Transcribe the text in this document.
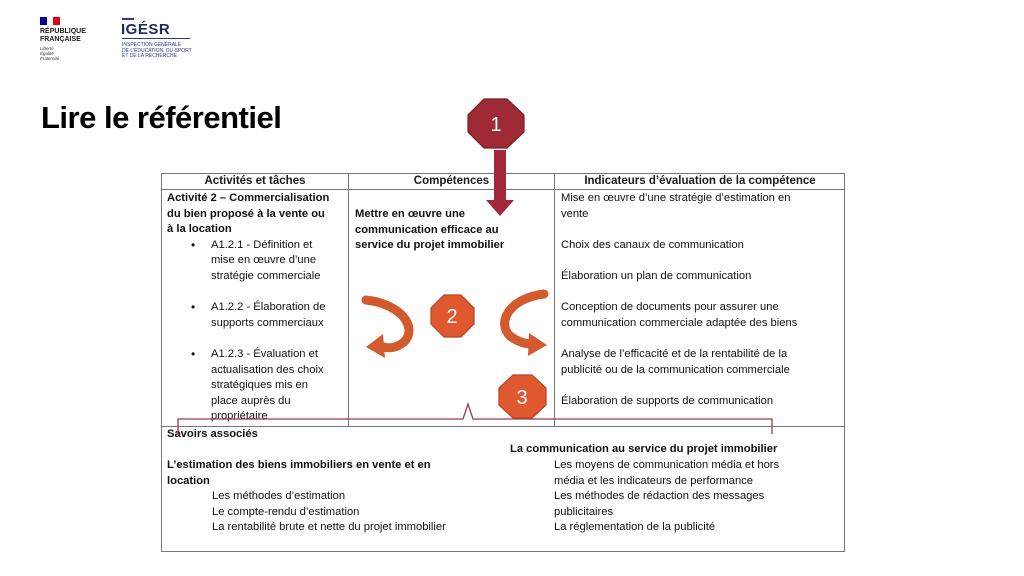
RÉPUBLIQUE
FRANÇAISE
Liberté
Égalité
Fraternité
IGÉSR
INSPECTION GÉNÉRALE
DE L'ÉDUCATION, DU SPORT
ET DE LA RECHERCHE
Lire le référentiel
Activités et tâches	Compétences	Indicateurs d’évaluation de la compétence
Activité 2 – Commercialisation
du bien proposé à la vente ou
à la location
• A1.2.1 - Définition et
mise en œuvre d’une
stratégie commerciale
• A1.2.2 - Élaboration de
supports commerciaux
• A1.2.3 - Évaluation et
actualisation des choix
stratégiques mis en
place auprès du
propriétaire
Mettre en œuvre une
communication efficace au
service du projet immobilier
Mise en œuvre d’une stratégie d’estimation en
vente
Choix des canaux de communication
Élaboration un plan de communication
Conception de documents pour assurer une
communication commerciale adaptée des biens
Analyse de l’efficacité et de la rentabilité de la
publicité ou de la communication commerciale
Élaboration de supports de communication
Savoirs associés
L’estimation des biens immobiliers en vente et en
location
Les méthodes d’estimation
Le compte-rendu d’estimation
La rentabilité brute et nette du projet immobilier
La communication au service du projet immobilier
Les moyens de communication média et hors
média et les indicateurs de performance
Les méthodes de rédaction des messages
publicitaires
La réglementation de la publicité
1
2
3
